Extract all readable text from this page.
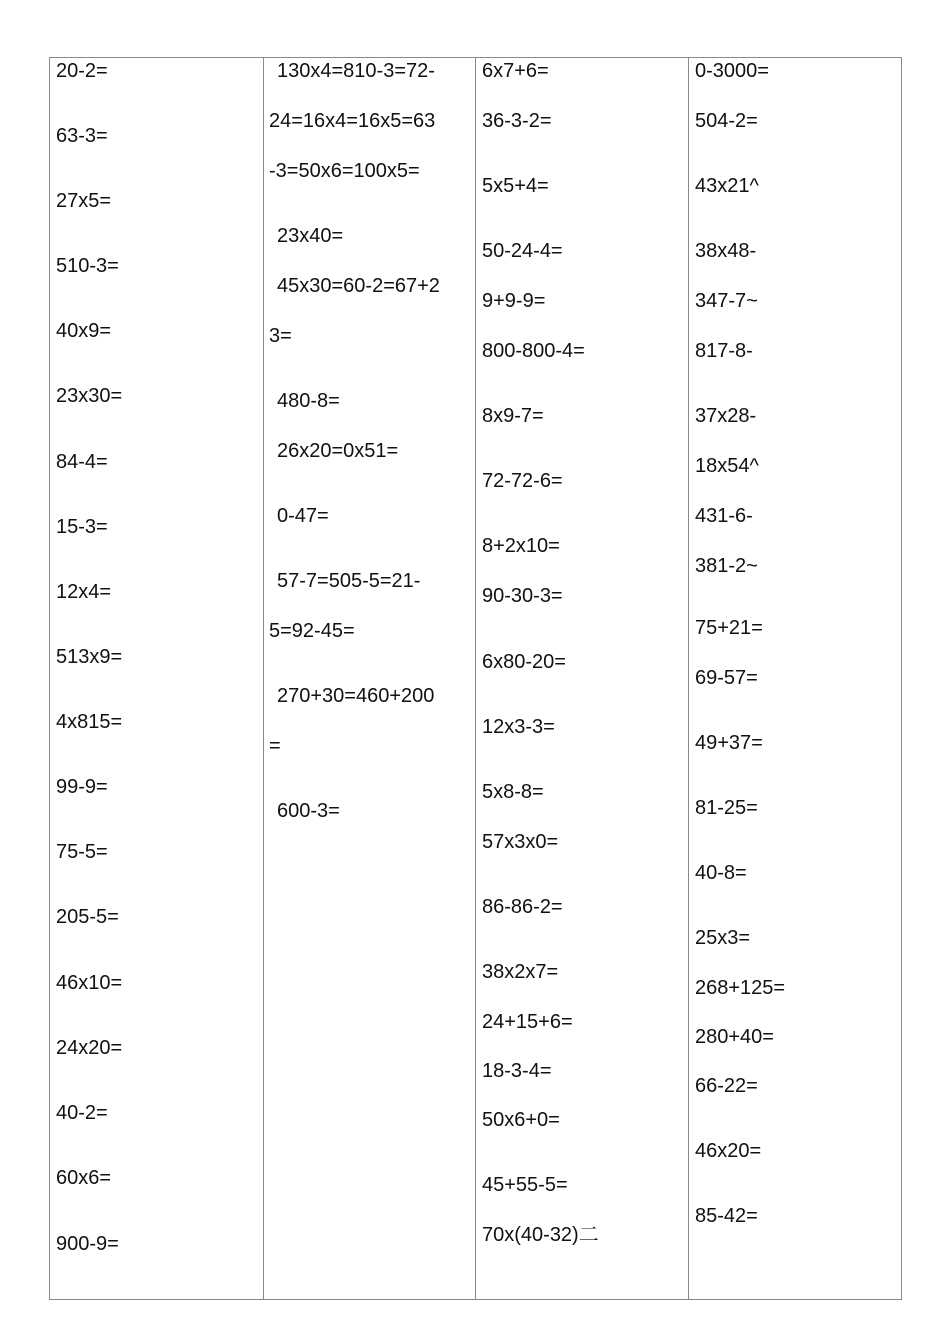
20-2=
63-3=
27x5=
510-3=
40x9=
23x30=
84-4=
15-3=
12x4=
513x9=
4x815=
99-9=
75-5=
205-5=
46x10=
24x20=
40-2=
60x6=
900-9=
130x4=810-3=72-
24=16x4=16x5=63
-3=50x6=100x5=
23x40=
45x30=60-2=67+2
3=
480-8=
26x20=0x51=
0-47=
57-7=505-5=21-
5=92-45=
270+30=460+200
=
600-3=
6x7+6=
36-3-2=
5x5+4=
50-24-4=
9+9-9=
800-800-4=
8x9-7=
72-72-6=
8+2x10=
90-30-3=
6x80-20=
12x3-3=
5x8-8=
57x3x0=
86-86-2=
38x2x7=
24+15+6=
18-3-4=
50x6+0=
45+55-5=
70x(40-32)二
0-3000=
504-2=
43x21^
38x48-
347-7~
817-8-
37x28-
18x54^
431-6-
381-2~
75+21=
69-57=
49+37=
81-25=
40-8=
25x3=
268+125=
280+40=
66-22=
46x20=
85-42=
